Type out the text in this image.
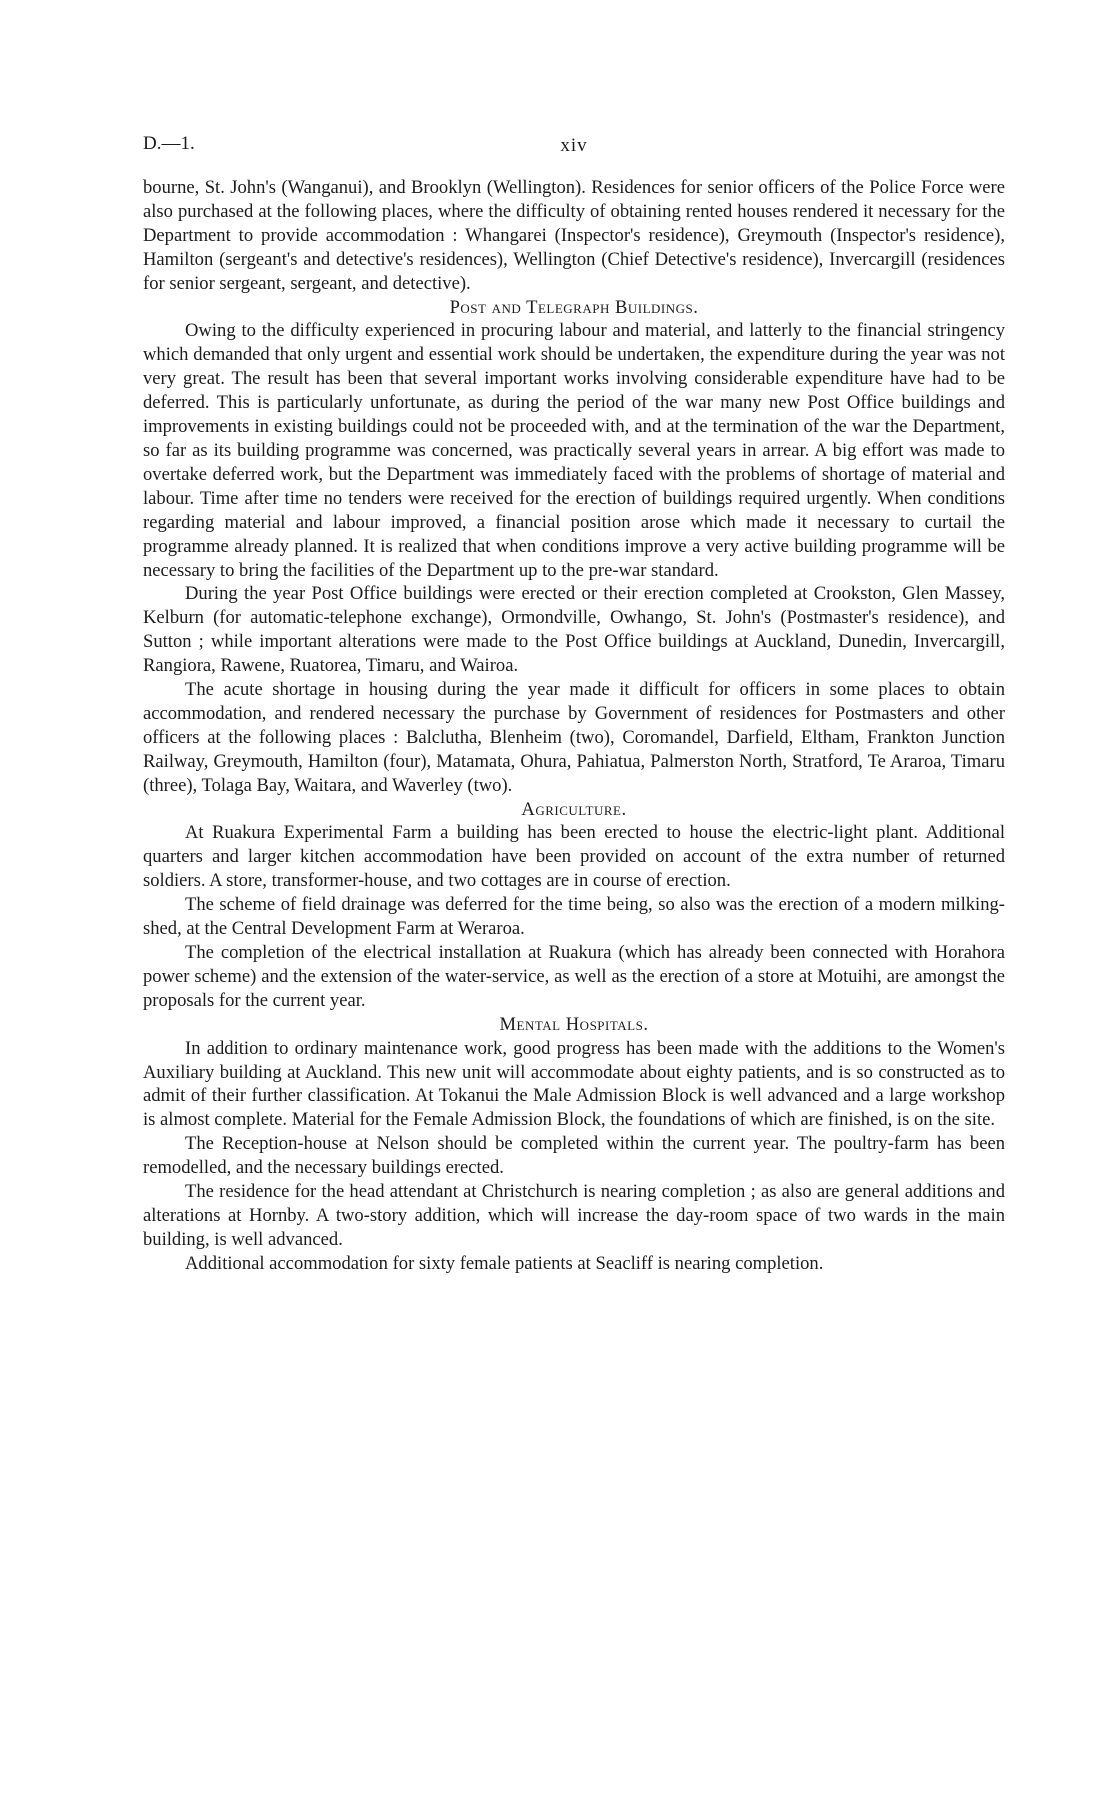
D.—1.	xiv

bourne, St. John's (Wanganui), and Brooklyn (Wellington). Residences for senior officers of the Police Force were also purchased at the following places, where the difficulty of obtaining rented houses rendered it necessary for the Department to provide accommodation : Whangarei (Inspector's residence), Greymouth (Inspector's residence), Hamilton (sergeant's and detective's residences), Wellington (Chief Detective's residence), Invercargill (residences for senior sergeant, sergeant, and detective).

Post and Telegraph Buildings.

Owing to the difficulty experienced in procuring labour and material, and latterly to the financial stringency which demanded that only urgent and essential work should be undertaken, the expenditure during the year was not very great. The result has been that several important works involving considerable expenditure have had to be deferred. This is particularly unfortunate, as during the period of the war many new Post Office buildings and improvements in existing buildings could not be proceeded with, and at the termination of the war the Department, so far as its building programme was concerned, was practically several years in arrear. A big effort was made to overtake deferred work, but the Department was immediately faced with the problems of shortage of material and labour. Time after time no tenders were received for the erection of buildings required urgently. When conditions regarding material and labour improved, a financial position arose which made it necessary to curtail the programme already planned. It is realized that when conditions improve a very active building programme will be necessary to bring the facilities of the Department up to the pre-war standard.

During the year Post Office buildings were erected or their erection completed at Crookston, Glen Massey, Kelburn (for automatic-telephone exchange), Ormondville, Owhango, St. John's (Postmaster's residence), and Sutton ; while important alterations were made to the Post Office buildings at Auckland, Dunedin, Invercargill, Rangiora, Rawene, Ruatorea, Timaru, and Wairoa.

The acute shortage in housing during the year made it difficult for officers in some places to obtain accommodation, and rendered necessary the purchase by Government of residences for Postmasters and other officers at the following places : Balclutha, Blenheim (two), Coromandel, Darfield, Eltham, Frankton Junction Railway, Greymouth, Hamilton (four), Matamata, Ohura, Pahiatua, Palmerston North, Stratford, Te Araroa, Timaru (three), Tolaga Bay, Waitara, and Waverley (two).

Agriculture.

At Ruakura Experimental Farm a building has been erected to house the electric-light plant. Additional quarters and larger kitchen accommodation have been provided on account of the extra number of returned soldiers. A store, transformer-house, and two cottages are in course of erection.

The scheme of field drainage was deferred for the time being, so also was the erection of a modern milking-shed, at the Central Development Farm at Weraroa.

The completion of the electrical installation at Ruakura (which has already been connected with Horahora power scheme) and the extension of the water-service, as well as the erection of a store at Motuihi, are amongst the proposals for the current year.

Mental Hospitals.

In addition to ordinary maintenance work, good progress has been made with the additions to the Women's Auxiliary building at Auckland. This new unit will accommodate about eighty patients, and is so constructed as to admit of their further classification. At Tokanui the Male Admission Block is well advanced and a large workshop is almost complete. Material for the Female Admission Block, the foundations of which are finished, is on the site.

The Reception-house at Nelson should be completed within the current year. The poultry-farm has been remodelled, and the necessary buildings erected.

The residence for the head attendant at Christchurch is nearing completion ; as also are general additions and alterations at Hornby. A two-story addition, which will increase the day-room space of two wards in the main building, is well advanced.

Additional accommodation for sixty female patients at Seacliff is nearing completion.
